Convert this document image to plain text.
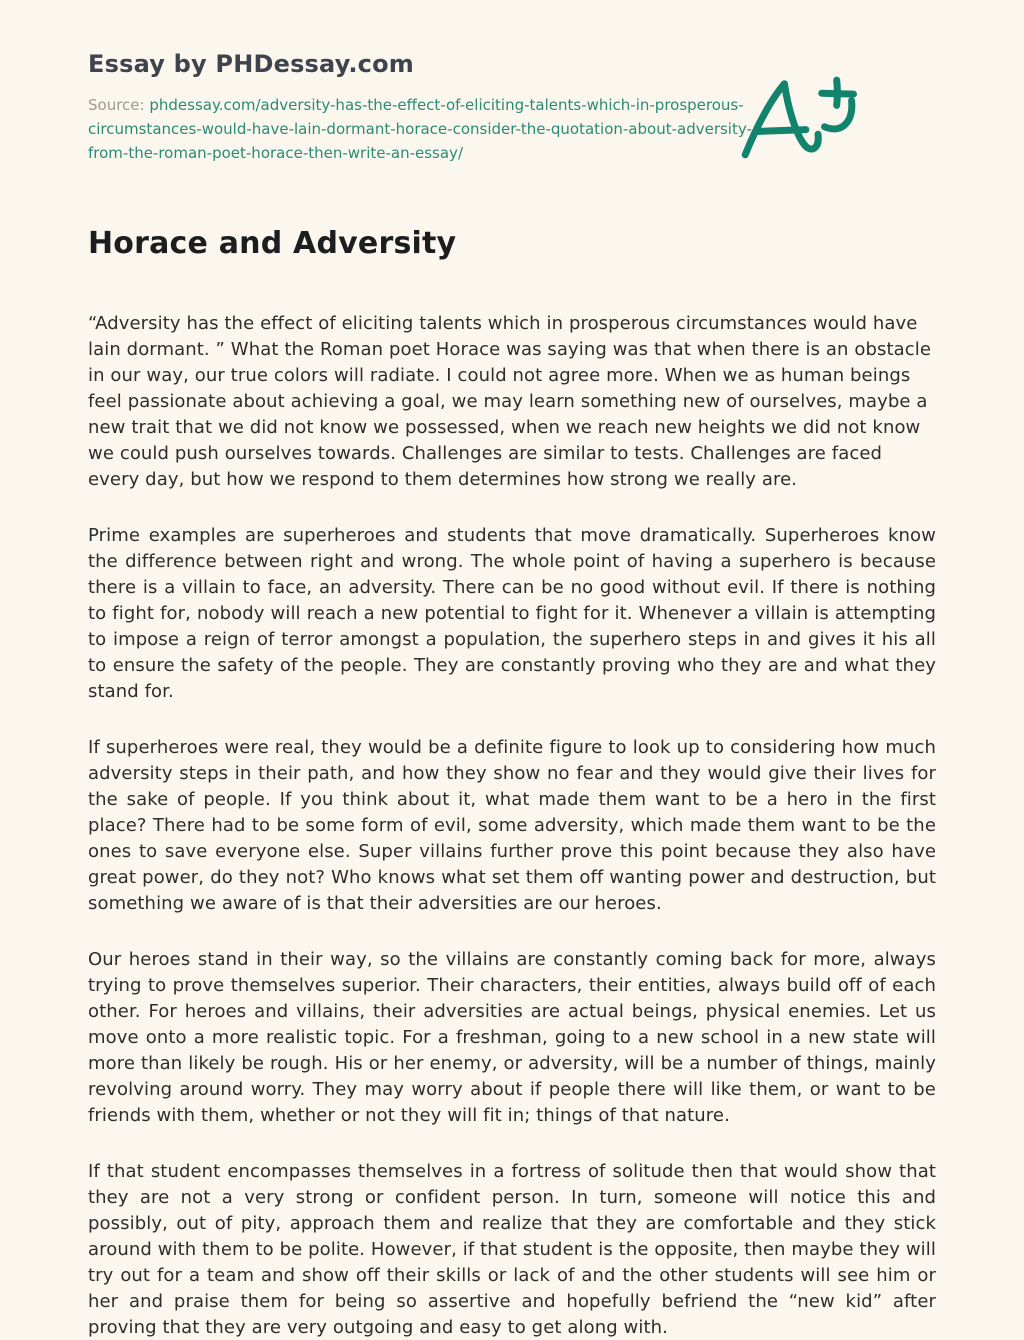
Essay by PHDessay.com
Source: phdessay.com/adversity-has-the-effect-of-eliciting-talents-which-in-prosperous-circumstances-would-have-lain-dormant-horace-consider-the-quotation-about-adversity-from-the-roman-poet-horace-then-write-an-essay/
Horace and Adversity

“Adversity has the effect of eliciting talents which in prosperous circumstances would have lain dormant. ” What the Roman poet Horace was saying was that when there is an obstacle in our way, our true colors will radiate. I could not agree more. When we as human beings feel passionate about achieving a goal, we may learn something new of ourselves, maybe a new trait that we did not know we possessed, when we reach new heights we did not know we could push ourselves towards. Challenges are similar to tests. Challenges are faced every day, but how we respond to them determines how strong we really are.

Prime examples are superheroes and students that move dramatically. Superheroes know the difference between right and wrong. The whole point of having a superhero is because there is a villain to face, an adversity. There can be no good without evil. If there is nothing to fight for, nobody will reach a new potential to fight for it. Whenever a villain is attempting to impose a reign of terror amongst a population, the superhero steps in and gives it his all to ensure the safety of the people. They are constantly proving who they are and what they stand for.

If superheroes were real, they would be a definite figure to look up to considering how much adversity steps in their path, and how they show no fear and they would give their lives for the sake of people. If you think about it, what made them want to be a hero in the first place? There had to be some form of evil, some adversity, which made them want to be the ones to save everyone else. Super villains further prove this point because they also have great power, do they not? Who knows what set them off wanting power and destruction, but something we aware of is that their adversities are our heroes.

Our heroes stand in their way, so the villains are constantly coming back for more, always trying to prove themselves superior. Their characters, their entities, always build off of each other. For heroes and villains, their adversities are actual beings, physical enemies. Let us move onto a more realistic topic. For a freshman, going to a new school in a new state will more than likely be rough. His or her enemy, or adversity, will be a number of things, mainly revolving around worry. They may worry about if people there will like them, or want to be friends with them, whether or not they will fit in; things of that nature.

If that student encompasses themselves in a fortress of solitude then that would show that they are not a very strong or confident person. In turn, someone will notice this and possibly, out of pity, approach them and realize that they are comfortable and they stick around with them to be polite. However, if that student is the opposite, then maybe they will try out for a team and show off their skills or lack of and the other students will see him or her and praise them for being so assertive and hopefully befriend the “new kid” after proving that they are very outgoing and easy to get along with.
